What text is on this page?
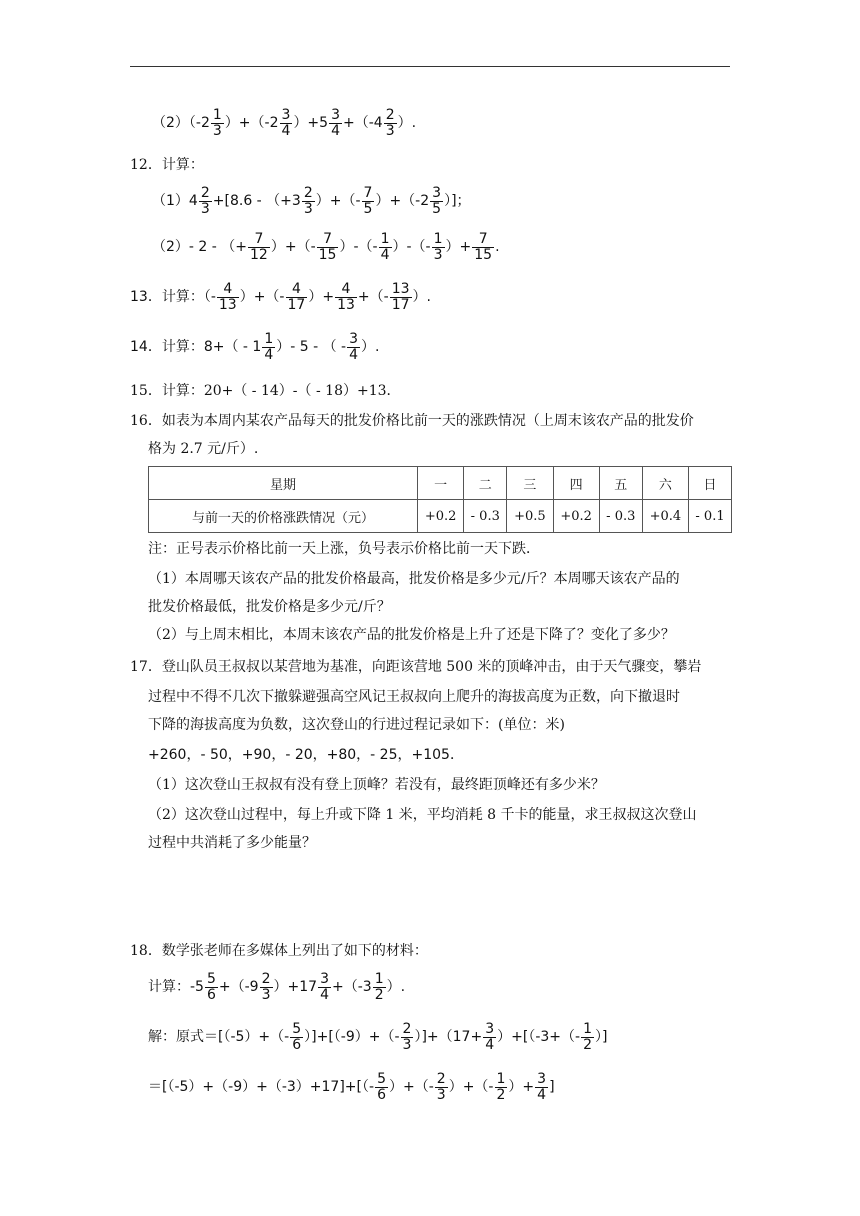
$(2)(-2 \frac{1}{3} )+(-2 \frac{3}{4} )+5 \frac{3}{4} +(-4 \frac{2}{3}$ ）.
12．计算：
$(1)4 \frac{2}{3} +[8.6 - (+3 \frac{2}{3}$ ）+（- $\frac{7}{5} )+(-2 \frac{3}{5}$ ）]；
（2）- 2 - （+ $\frac{7}{12}$ ）+（- $\frac{7}{15}$ ）-（- $\frac{1}{4}$ ）-（- $\frac{1}{3}$ ）+ $\frac{7}{15}$ .
13．计算：（- $\frac{4}{13}$ ）+（- $\frac{4}{17}$ ）+ $\frac{4}{13}$ +（- $\frac{13}{17}$ ）.
14．计算：$8+( - 1 \frac{1}{4}$ ）- 5 - （ - $\frac{3}{4}$ ）.
15．计算：20+（ - 14）-（ - 18）+13．
16．如表为本周内某农产品每天的批发价格比前一天的涨跌情况（上周末该农产品的批发价
格为 2.7 元/斤）.
星期	一	二	三	四	五	六	日
与前一天的价格涨跌情况（元）	+0.2	- 0.3	+0.5	+0.2	- 0.3	+0.4	- 0.1
注：正号表示价格比前一天上涨，负号表示价格比前一天下跌．
（1）本周哪天该农产品的批发价格最高，批发价格是多少元/斤？本周哪天该农产品的
批发价格最低，批发价格是多少元/斤？
（2）与上周末相比，本周末该农产品的批发价格是上升了还是下降了？变化了多少？
17．登山队员王叔叔以某营地为基准，向距该营地 500 米的顶峰冲击，由于天气骤变，攀岩
过程中不得不几次下撤躲避强高空风记王叔叔向上爬升的海拔高度为正数，向下撤退时
下降的海拔高度为负数，这次登山的行进过程记录如下：(单位：米)
+260，- 50，+90，- 20，+80，- 25，+105．
（1）这次登山王叔叔有没有登上顶峰？若没有，最终距顶峰还有多少米？
（2）这次登山过程中，每上升或下降 1 米，平均消耗 8 千卡的能量，求王叔叔这次登山
过程中共消耗了多少能量？
18．数学张老师在多媒体上列出了如下的材料：
计算：$-5 \frac{5}{6} +(-9 \frac{2}{3} )+17 \frac{3}{4} +(-3 \frac{1}{2}$ ）.
解：原式$=[(-5)+(- \frac{5}{6} )]+[(-9)+(- \frac{2}{3} )]+(17+ \frac{3}{4} )+[(-3+(- \frac{1}{2}$ ）]
$=[(-5)+(-9)+(-3)+17]+[(- \frac{5}{6}$ ）+（- $\frac{2}{3}$ ）+（- $\frac{1}{2}$ ）+ $\frac{3}{4}$ ]
